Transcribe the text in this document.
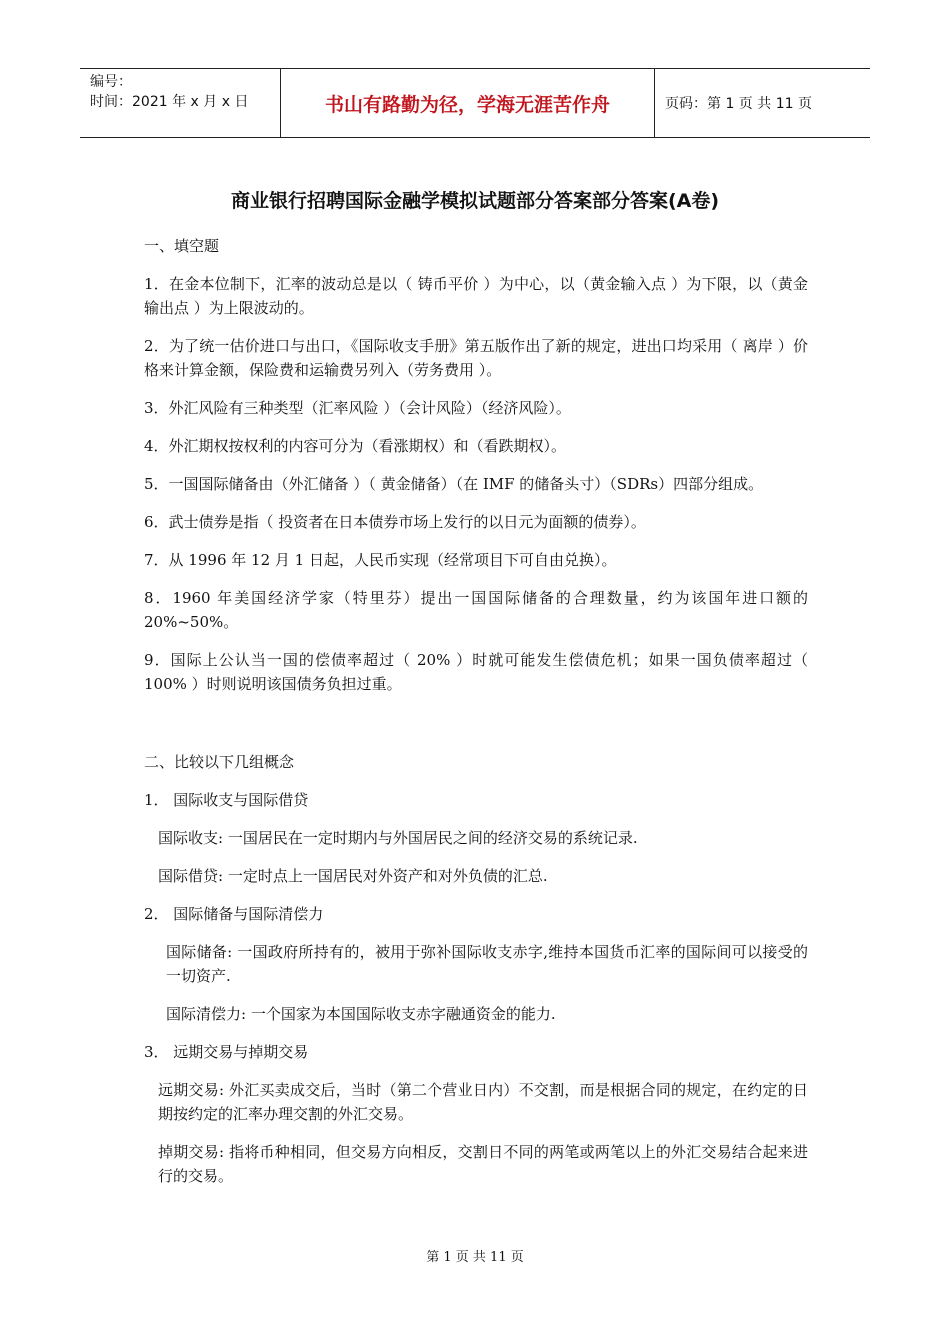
编号：
时间：2021 年 x 月 x 日	书山有路勤为径，学海无涯苦作舟	页码：第 1 页 共 11 页
商业银行招聘国际金融学模拟试题部分答案部分答案(A卷)
一、填空题
1．在金本位制下，汇率的波动总是以（ 铸币平价 ）为中心，以（黄金输入点 ）为下限，以（黄金输出点 ）为上限波动的。
2．为了统一估价进口与出口，《国际收支手册》第五版作出了新的规定，进出口均采用（ 离岸 ）价格来计算金额，保险费和运输费另列入（劳务费用 ）。
3．外汇风险有三种类型（汇率风险 ）（会计风险）（经济风险）。
4．外汇期权按权利的内容可分为（看涨期权）和（看跌期权）。
5．一国国际储备由（外汇储备 ）（ 黄金储备）（在 IMF 的储备头寸）（SDRs）四部分组成。
6．武士债券是指（ 投资者在日本债券市场上发行的以日元为面额的债券）。
7．从 1996 年 12 月 1 日起，人民币实现（经常项目下可自由兑换）。
8．1960 年美国经济学家（特里芬）提出一国国际储备的合理数量，约为该国年进口额的 20%~50%。
9．国际上公认当一国的偿债率超过（ 20% ）时就可能发生偿债危机；如果一国负债率超过（ 100% ）时则说明该国债务负担过重。
二、比较以下几组概念
1． 国际收支与国际借贷
国际收支: 一国居民在一定时期内与外国居民之间的经济交易的系统记录.
国际借贷: 一定时点上一国居民对外资产和对外负债的汇总.
2． 国际储备与国际清偿力
国际储备: 一国政府所持有的，被用于弥补国际收支赤字,维持本国货币汇率的国际间可以接受的一切资产.
国际清偿力: 一个国家为本国国际收支赤字融通资金的能力.
3． 远期交易与掉期交易
远期交易: 外汇买卖成交后，当时（第二个营业日内）不交割，而是根据合同的规定，在约定的日期按约定的汇率办理交割的外汇交易。
掉期交易: 指将币种相同，但交易方向相反，交割日不同的两笔或两笔以上的外汇交易结合起来进行的交易。
第 1 页 共 11 页
